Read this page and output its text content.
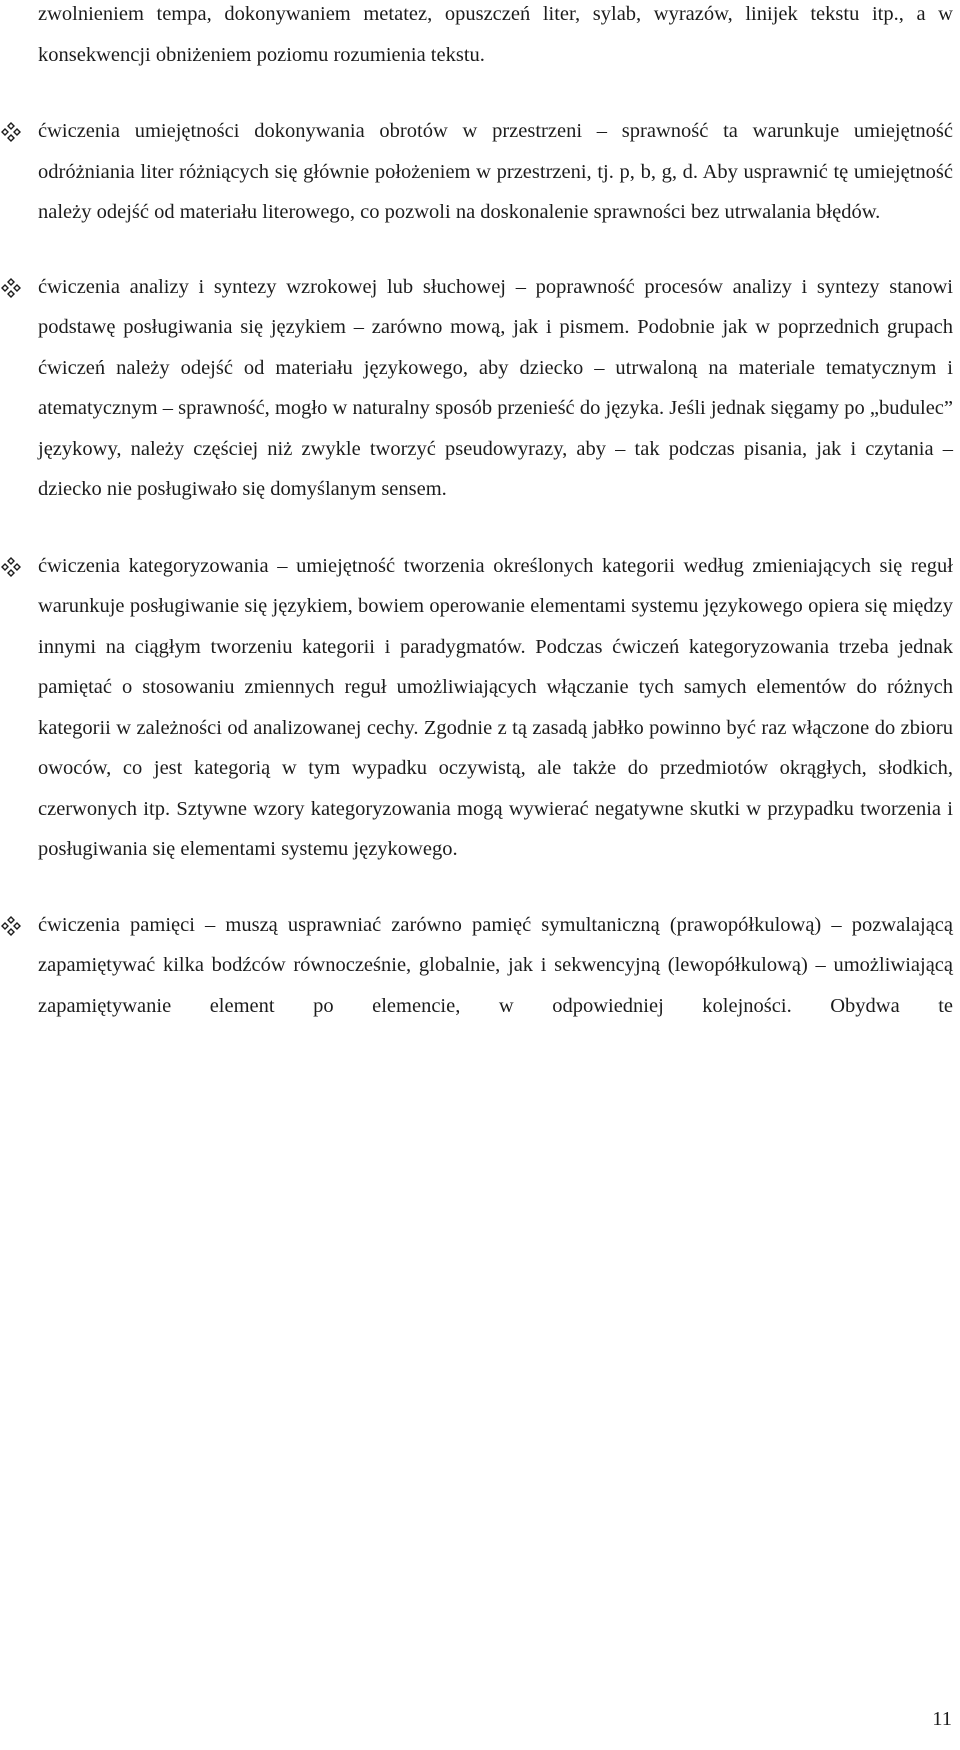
zwolnieniem tempa, dokonywaniem metatez, opuszczeń liter, sylab, wyrazów, linijek tekstu itp., a w konsekwencji obniżeniem poziomu rozumienia tekstu.

ćwiczenia umiejętności dokonywania obrotów w przestrzeni – sprawność ta warunkuje umiejętność odróżniania liter różniących się głównie położeniem w przestrzeni, tj. p, b, g, d. Aby usprawnić tę umiejętność należy odejść od materiału literowego, co pozwoli na doskonalenie sprawności bez utrwalania błędów.

ćwiczenia analizy i syntezy wzrokowej lub słuchowej – poprawność procesów analizy i syntezy stanowi podstawę posługiwania się językiem – zarówno mową, jak i pismem. Podobnie jak w poprzednich grupach ćwiczeń należy odejść od materiału językowego, aby dziecko – utrwaloną na materiale tematycznym i atematycznym – sprawność, mogło w naturalny sposób przenieść do języka. Jeśli jednak sięgamy po „budulec” językowy, należy częściej niż zwykle tworzyć pseudowyrazy, aby – tak podczas pisania, jak i czytania – dziecko nie posługiwało się domyślanym sensem.

ćwiczenia kategoryzowania – umiejętność tworzenia określonych kategorii według zmieniających się reguł warunkuje posługiwanie się językiem, bowiem operowanie elementami systemu językowego opiera się między innymi na ciągłym tworzeniu kategorii i paradygmatów. Podczas ćwiczeń kategoryzowania trzeba jednak pamiętać o stosowaniu zmiennych reguł umożliwiających włączanie tych samych elementów do różnych kategorii w zależności od analizowanej cechy. Zgodnie z tą zasadą jabłko powinno być raz włączone do zbioru owoców, co jest kategorią w tym wypadku oczywistą, ale także do przedmiotów okrągłych, słodkich, czerwonych itp. Sztywne wzory kategoryzowania mogą wywierać negatywne skutki w przypadku tworzenia i posługiwania się elementami systemu językowego.

ćwiczenia pamięci – muszą usprawniać zarówno pamięć symultaniczną (prawopółkulową) – pozwalającą zapamiętywać kilka bodźców równocześnie, globalnie, jak i sekwencyjną (lewopółkulową) – umożliwiającą zapamiętywanie element po elemencie, w odpowiedniej kolejności. Obydwa te

11
